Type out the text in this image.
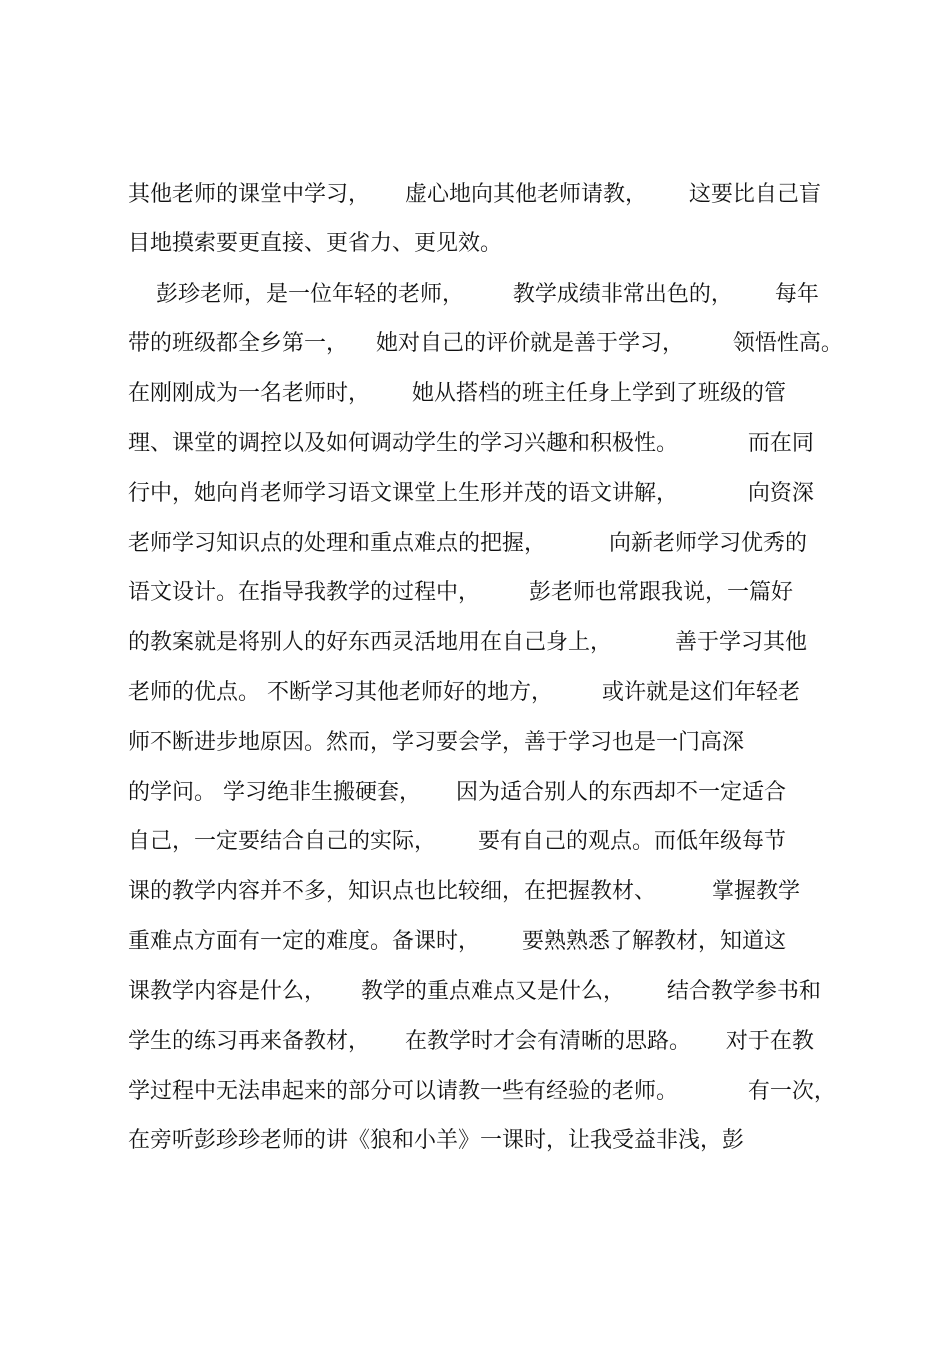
其他老师的课堂中学习，     虚心地向其他老师请教，      这要比自己盲
目地摸索要更直接、更省力、更见效。
彭珍老师，是一位年轻的老师，       教学成绩非常出色的，      每年
带的班级都全乡第一，    她对自己的评价就是善于学习，       领悟性高。
在刚刚成为一名老师时，      她从搭档的班主任身上学到了班级的管
理、课堂的调控以及如何调动学生的学习兴趣和积极性。          而在同
行中，她向肖老师学习语文课堂上生形并茂的语文讲解，          向资深
老师学习知识点的处理和重点难点的把握，         向新老师学习优秀的
语文设计。在指导我教学的过程中，       彭老师也常跟我说，一篇好
的教案就是将别人的好东西灵活地用在自己身上，         善于学习其他
老师的优点。 不断学习其他老师好的地方，       或许就是这们年轻老
师不断进步地原因。然而，学习要会学，善于学习也是一门高深
的学问。 学习绝非生搬硬套，     因为适合别人的东西却不一定适合
自己，一定要结合自己的实际，      要有自己的观点。而低年级每节
课的教学内容并不多，知识点也比较细，在把握教材、        掌握教学
重难点方面有一定的难度。备课时，      要熟熟悉了解教材，知道这
课教学内容是什么，     教学的重点难点又是什么，      结合教学参书和
学生的练习再来备教材，     在教学时才会有清晰的思路。     对于在教
学过程中无法串起来的部分可以请教一些有经验的老师。          有一次，
在旁听彭珍珍老师的讲《狼和小羊》一课时，让我受益非浅，彭
